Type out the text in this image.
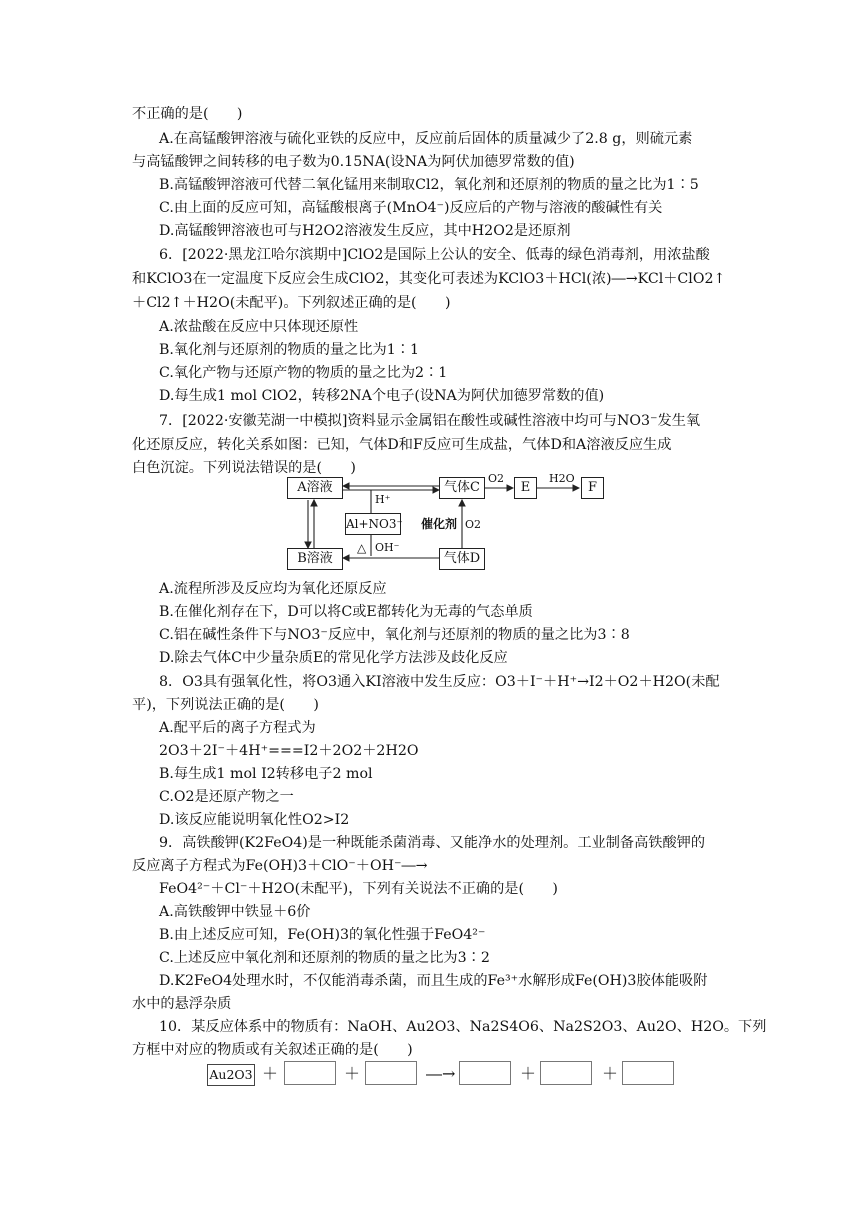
不正确的是(　　)
A.在高锰酸钾溶液与硫化亚铁的反应中，反应前后固体的质量减少了2.8 g，则硫元素
与高锰酸钾之间转移的电子数为0.15NA(设NA为阿伏加德罗常数的值)
B.高锰酸钾溶液可代替二氧化锰用来制取Cl2，氧化剂和还原剂的物质的量之比为1∶5
C.由上面的反应可知，高锰酸根离子(MnO4⁻)反应后的产物与溶液的酸碱性有关
D.高锰酸钾溶液也可与H2O2溶液发生反应，其中H2O2是还原剂
6．[2022·黑龙江哈尔滨期中]ClO2是国际上公认的安全、低毒的绿色消毒剂，用浓盐酸
和KClO3在一定温度下反应会生成ClO2，其变化可表述为KClO3＋HCl(浓)―→KCl＋ClO2↑
＋Cl2↑＋H2O(未配平)。下列叙述正确的是(　　)
A.浓盐酸在反应中只体现还原性
B.氧化剂与还原剂的物质的量之比为1∶1
C.氧化产物与还原产物的物质的量之比为2∶1
D.每生成1 mol ClO2，转移2NA个电子(设NA为阿伏加德罗常数的值)
7．[2022·安徽芜湖一中模拟]资料显示金属铝在酸性或碱性溶液中均可与NO3⁻发生氧
化还原反应，转化关系如图：已知，气体D和F反应可生成盐，气体D和A溶液反应生成
白色沉淀。下列说法错误的是(　　)
A溶液
B溶液
气体C
气体D
E	F
Al+NO3⁻
H⁺
△ OH⁻
O2	H2O
催化剂 O2
A.流程所涉及反应均为氧化还原反应
B.在催化剂存在下，D可以将C或E都转化为无毒的气态单质
C.铝在碱性条件下与NO3⁻反应中，氧化剂与还原剂的物质的量之比为3∶8
D.除去气体C中少量杂质E的常见化学方法涉及歧化反应
8．O3具有强氧化性，将O3通入KI溶液中发生反应：O3＋I⁻＋H⁺→I2＋O2＋H2O(未配
平)，下列说法正确的是(　　)
A.配平后的离子方程式为
2O3＋2I⁻＋4H⁺===I2＋2O2＋2H2O
B.每生成1 mol I2转移电子2 mol
C.O2是还原产物之一
D.该反应能说明氧化性O2>I2
9．高铁酸钾(K2FeO4)是一种既能杀菌消毒、又能净水的处理剂。工业制备高铁酸钾的
反应离子方程式为Fe(OH)3＋ClO⁻＋OH⁻―→
FeO4²⁻＋Cl⁻＋H2O(未配平)，下列有关说法不正确的是(　　)
A.高铁酸钾中铁显＋6价
B.由上述反应可知，Fe(OH)3的氧化性强于FeO4²⁻
C.上述反应中氧化剂和还原剂的物质的量之比为3∶2
D.K2FeO4处理水时，不仅能消毒杀菌，而且生成的Fe³⁺水解形成Fe(OH)3胶体能吸附
水中的悬浮杂质
10．某反应体系中的物质有：NaOH、Au2O3、Na2S4O6、Na2S2O3、Au2O、H2O。下列
方框中对应的物质或有关叙述正确的是(　　)
Au2O3 ＋	＋	―→	＋	＋
